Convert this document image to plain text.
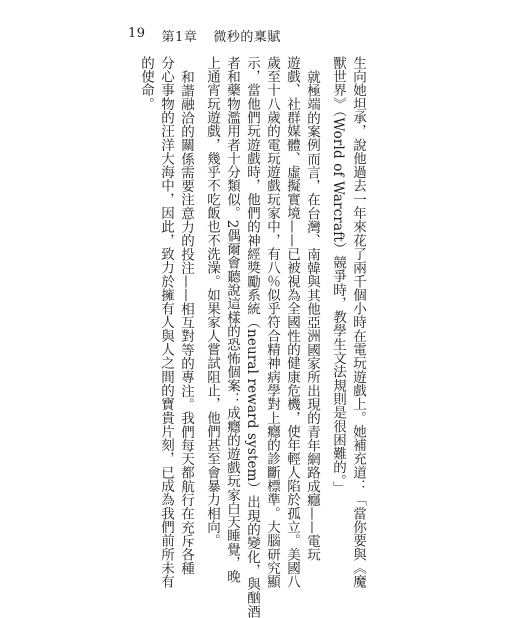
19 第1章 微秒的稟賦
生向她坦承，說他過去一年來花了兩千個小時在電玩遊戲上。她補充道：「當你要與《魔
獸世界》（World of Warcraft）競爭時，教學生文法規則是很困難的。」
就極端的案例而言，在台灣、南韓與其他亞洲國家所出現的青年網路成癮——電玩
遊戲、社群媒體、虛擬實境——已被視為全國性的健康危機，使年輕人陷於孤立。美國八
歲至十八歲的電玩遊戲玩家中，有八％似乎符合精神病學對上癮的診斷標準。大腦研究顯
示，當他們玩遊戲時，他們的神經獎勵系統（neural reward system）出現的變化，與酗酒
者和藥物濫用者十分類似。2偶爾會聽說這樣的恐怖個案：成癮的遊戲玩家白天睡覺，晚
上通宵玩遊戲，幾乎不吃飯也不洗澡。如果家人嘗試阻止，他們甚至會暴力相向。
和諧融洽的關係需要注意力的投注——相互對等的專注。我們每天都航行在充斥各種
分心事物的汪洋大海中，因此，致力於擁有人與人之間的寶貴片刻，已成為我們前所未有
的使命。
